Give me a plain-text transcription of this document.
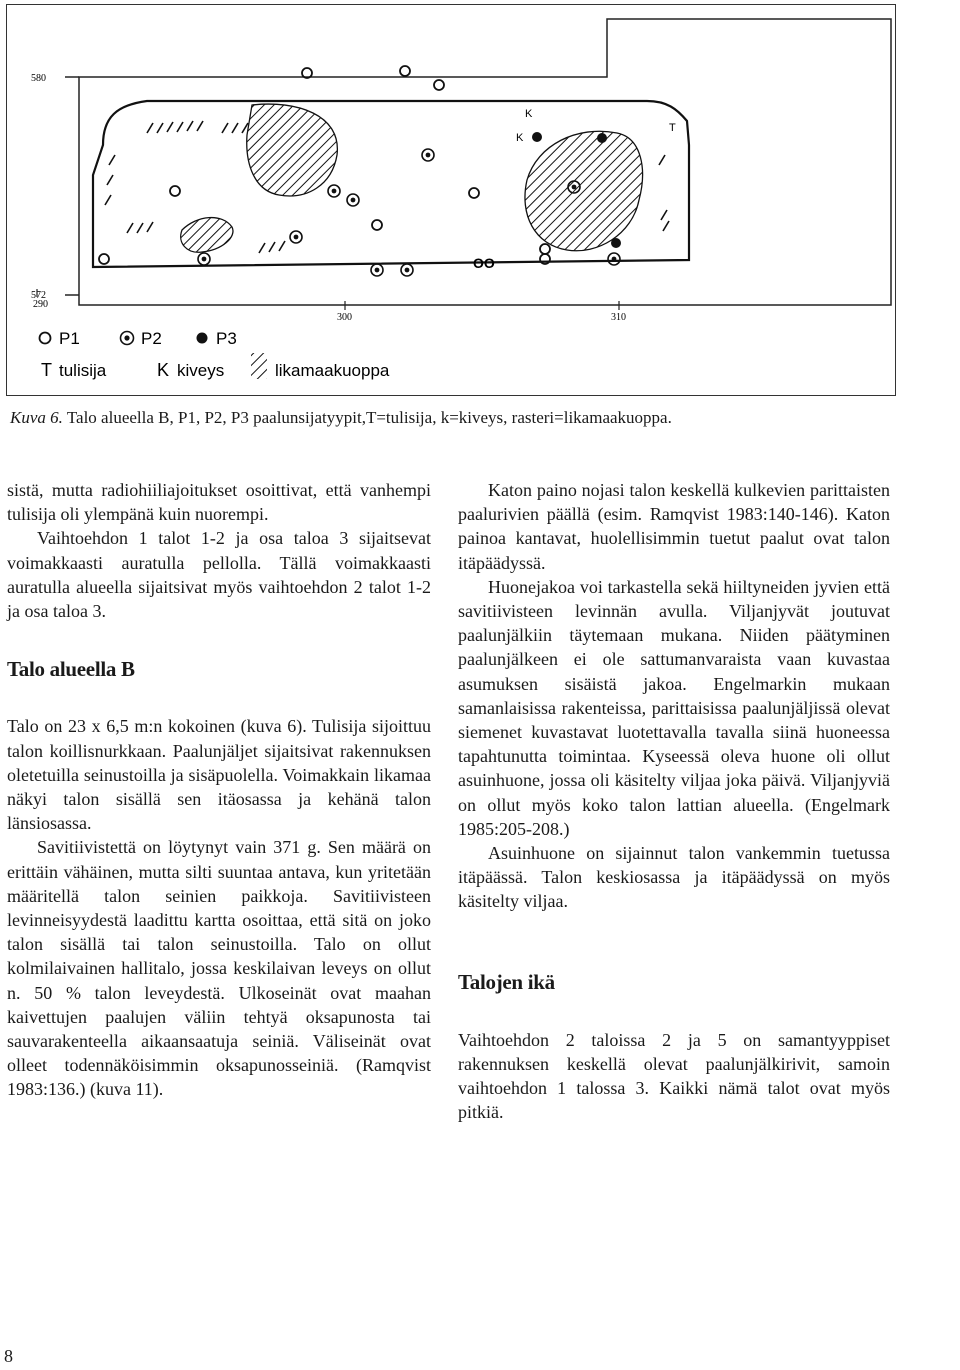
580
572
290
300	310
OO
K
K
T
P1	P2	P3
T tulisija	K kiveys	likamaakuoppa
Kuva 6. Talo alueella B, P1, P2, P3 paalunsijatyypit,T=tulisija, k=kiveys, rasteri=likamaakuoppa.

sistä, mutta radiohiiliajoitukset osoittivat, että vanhempi tulisija oli ylempänä kuin nuorempi.

Vaihtoehdon 1 talot 1-2 ja osa taloa 3 sijaitsevat voimakkaasti auratulla pellolla. Tällä voimakkaasti auratulla alueella sijaitsivat myös vaihtoehdon 2 talot 1-2 ja osa taloa 3.

Talo alueella B

Talo on 23 x 6,5 m:n kokoinen (kuva 6). Tulisija sijoittuu talon koillisnurkkaan. Paalunjäljet sijaitsivat rakennuksen oletetuilla seinustoilla ja sisäpuolella. Voimakkain likamaa näkyi talon sisällä sen itäosassa ja kehänä talon länsiosassa.

Savitiivistettä on löytynyt vain 371 g. Sen määrä on erittäin vähäinen, mutta silti suuntaa antava, kun yritetään määritellä talon seinien paikkoja. Savitiivisteen levinneisyydestä laadittu kartta osoittaa, että sitä on joko talon sisällä tai talon seinustoilla. Talo on ollut kolmilaivainen hallitalo, jossa keskilaivan leveys on ollut n. 50 % talon leveydestä. Ulkoseinät ovat maahan kaivettujen paalujen väliin tehtyä oksapunosta tai sauvarakenteella aikaansaatuja seiniä. Väliseinät ovat olleet todennäköisimmin oksapunosseiniä. (Ramqvist 1983:136.) (kuva 11).

Katon paino nojasi talon keskellä kulkevien parittaisten paalurivien päällä (esim. Ramqvist 1983:140-146). Katon painoa kantavat, huolellisimmin tuetut paalut ovat talon itäpäädyssä.

Huonejakoa voi tarkastella sekä hiiltyneiden jyvien että savitiivisteen levinnän avulla. Viljanjyvät joutuvat paalunjälkiin täytemaan mukana. Niiden päätyminen paalunjälkeen ei ole sattumanvaraista vaan kuvastaa asumuksen sisäistä jakoa. Engelmarkin mukaan samanlaisissa rakenteissa, parittaisissa paalunjäljissä olevat siemenet kuvastavat luotettavalla tavalla siinä huoneessa tapahtunutta toimintaa. Kyseessä oleva huone oli ollut asuinhuone, jossa oli käsitelty viljaa joka päivä. Viljanjyviä on ollut myös koko talon lattian alueella. (Engelmark 1985:205-208.)

Asuinhuone on sijainnut talon vankemmin tuetussa itäpäässä. Talon keskiosassa ja itäpäädyssä on myös käsitelty viljaa.

Talojen ikä

Vaihtoehdon 2 taloissa 2 ja 5 on samantyyppiset rakennuksen keskellä olevat paalunjälkirivit, samoin vaihtoehdon 1 talossa 3. Kaikki nämä talot ovat myös pitkiä.

8
